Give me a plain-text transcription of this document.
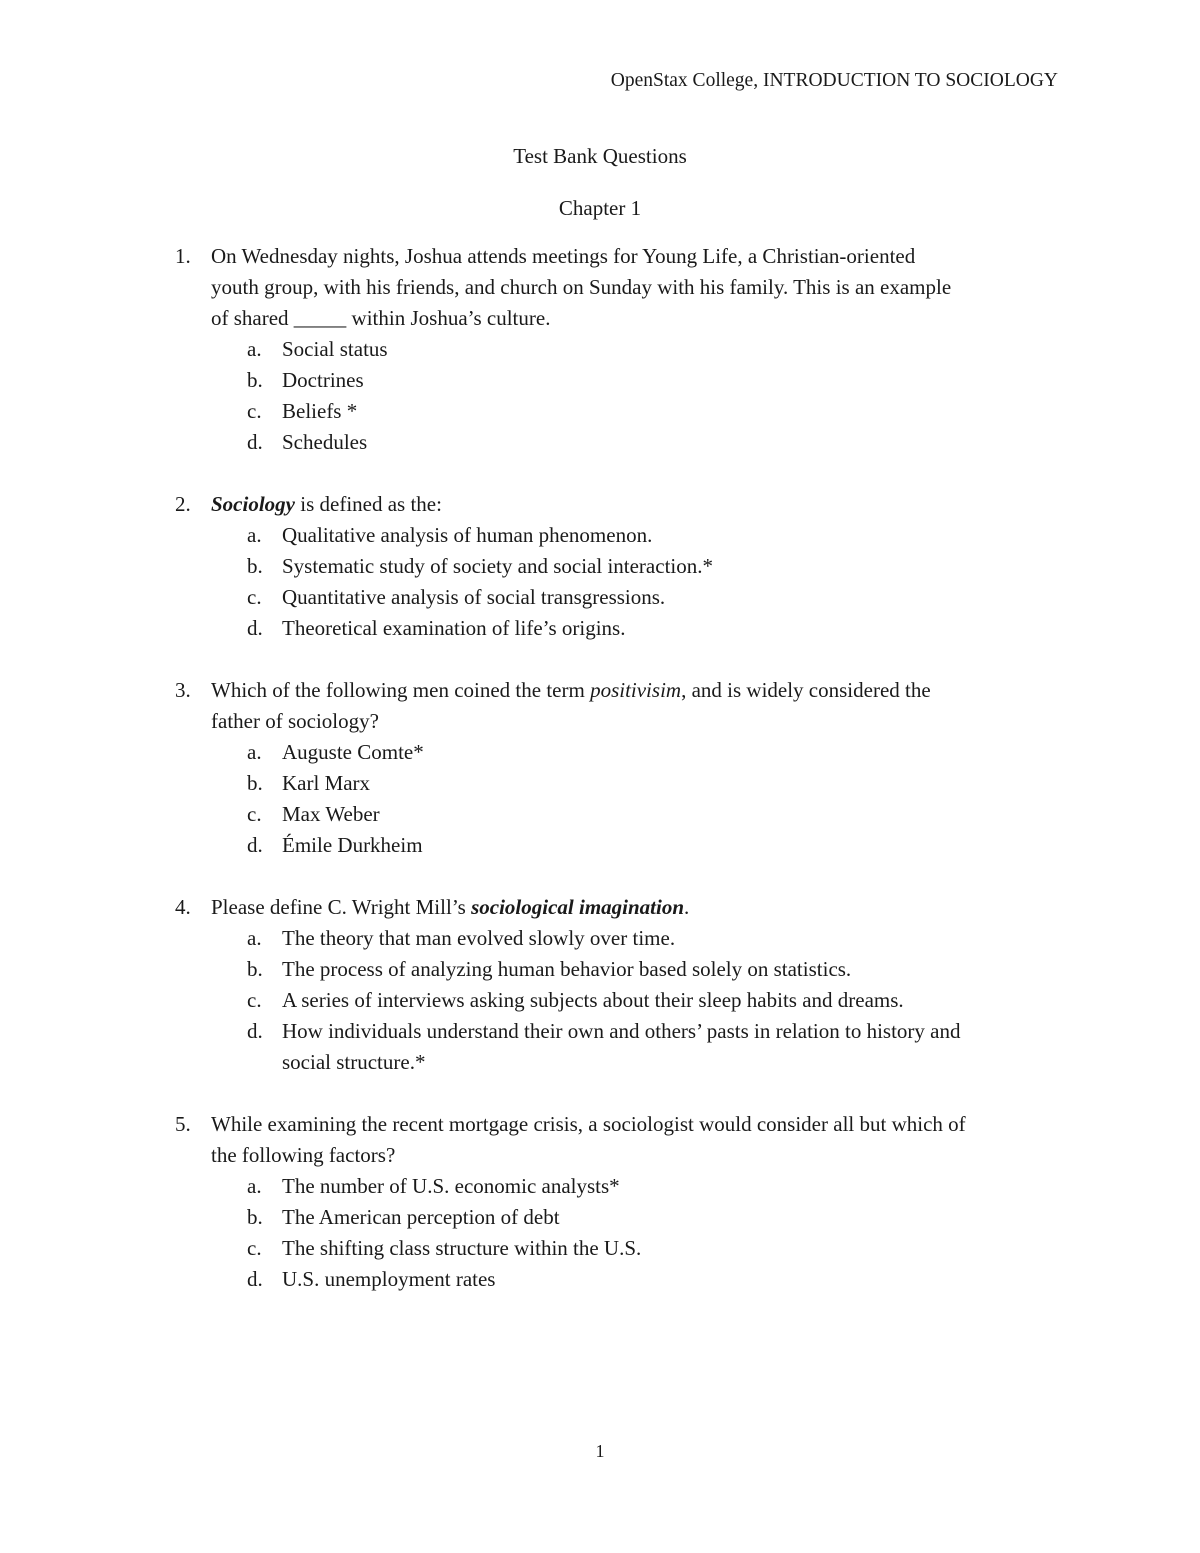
OpenStax College, INTRODUCTION TO SOCIOLOGY
Test Bank Questions
Chapter 1
1. On Wednesday nights, Joshua attends meetings for Young Life, a Christian-oriented
youth group, with his friends, and church on Sunday with his family. This is an example
of shared _____ within Joshua’s culture.
a. Social status
b. Doctrines
c. Beliefs *
d. Schedules
2. Sociology is defined as the:
a. Qualitative analysis of human phenomenon.
b. Systematic study of society and social interaction.*
c. Quantitative analysis of social transgressions.
d. Theoretical examination of life’s origins.
3. Which of the following men coined the term positivisim, and is widely considered the
father of sociology?
a. Auguste Comte*
b. Karl Marx
c. Max Weber
d. Émile Durkheim
4. Please define C. Wright Mill’s sociological imagination.
a. The theory that man evolved slowly over time.
b. The process of analyzing human behavior based solely on statistics.
c. A series of interviews asking subjects about their sleep habits and dreams.
d. How individuals understand their own and others’ pasts in relation to history and
social structure.*
5. While examining the recent mortgage crisis, a sociologist would consider all but which of
the following factors?
a. The number of U.S. economic analysts*
b. The American perception of debt
c. The shifting class structure within the U.S.
d. U.S. unemployment rates
1
